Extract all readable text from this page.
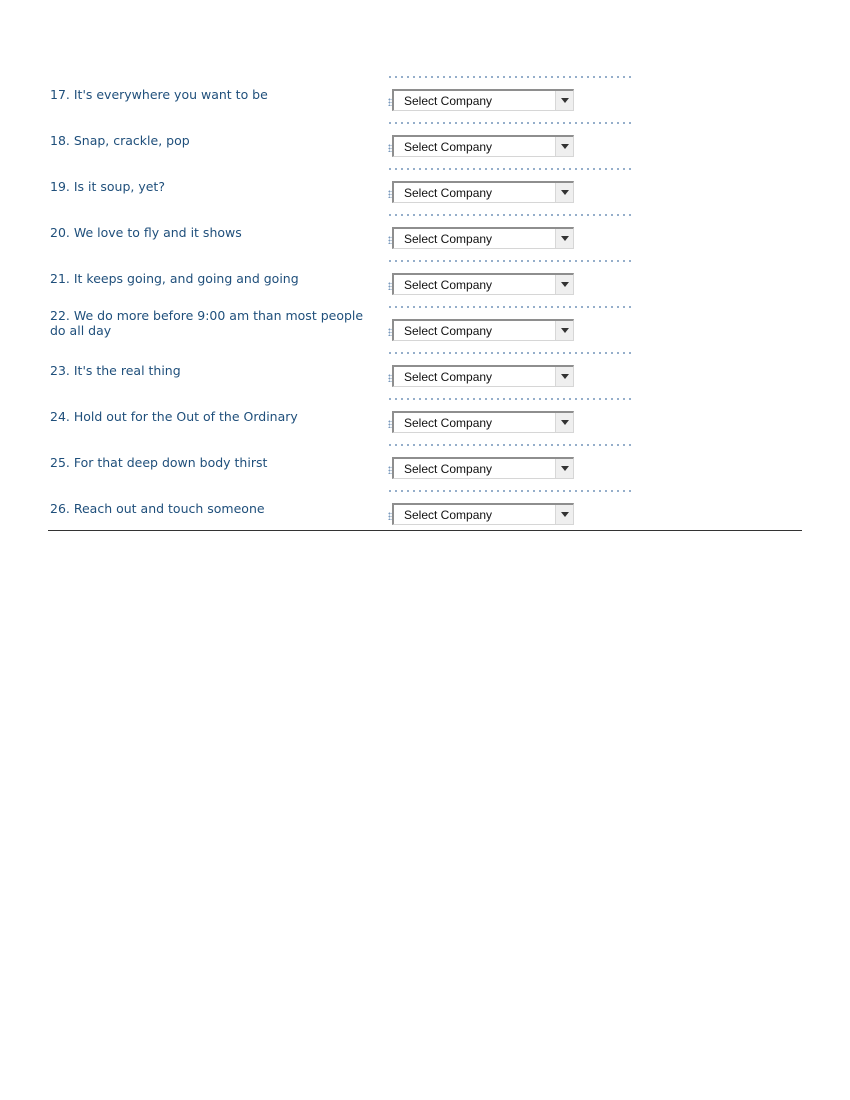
17. It's everywhere you want to be	Select Company
18. Snap, crackle, pop	Select Company
19. Is it soup, yet?	Select Company
20. We love to fly and it shows	Select Company
21. It keeps going, and going and going	Select Company
22. We do more before 9:00 am than most people do all day	Select Company
23. It's the real thing	Select Company
24. Hold out for the Out of the Ordinary	Select Company
25. For that deep down body thirst	Select Company
26. Reach out and touch someone	Select Company
